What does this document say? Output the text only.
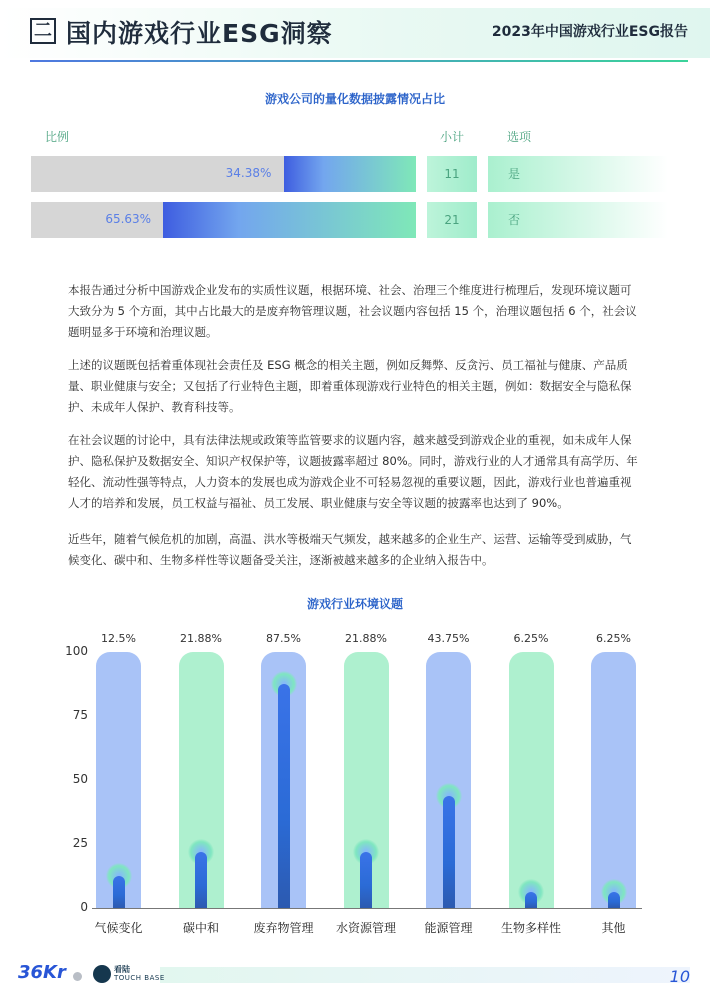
二 国内游戏行业ESG洞察	2023年中国游戏行业ESG报告
游戏公司的量化数据披露情况占比
比例	小计	选项
34.38%	11	是
65.63%	21	否

本报告通过分析中国游戏企业发布的实质性议题，根据环境、社会、治理三个维度进行梳理后，发现环境议题可大致分为 5 个方面，其中占比最大的是废弃物管理议题，社会议题内容包括 15 个，治理议题包括 6 个，社会议题明显多于环境和治理议题。

上述的议题既包括着重体现社会责任及 ESG 概念的相关主题，例如反舞弊、反贪污、员工福祉与健康、产品质量、职业健康与安全；又包括了行业特色主题，即着重体现游戏行业特色的相关主题，例如：数据安全与隐私保护、未成年人保护、教育科技等。

在社会议题的讨论中，具有法律法规或政策等监管要求的议题内容，越来越受到游戏企业的重视，如未成年人保护、隐私保护及数据安全、知识产权保护等，议题披露率超过 80%。同时，游戏行业的人才通常具有高学历、年轻化、流动性强等特点，人力资本的发展也成为游戏企业不可轻易忽视的重要议题，因此，游戏行业也普遍重视人才的培养和发展，员工权益与福祉、员工发展、职业健康与安全等议题的披露率也达到了 90%。

近些年，随着气候危机的加剧，高温、洪水等极端天气频发，越来越多的企业生产、运营、运输等受到威胁，气候变化、碳中和、生物多样性等议题备受关注，逐渐被越来越多的企业纳入报告中。

游戏行业环境议题
0
25
50
75
100
12.5%
气候变化
21.88%
碳中和
87.5%
废弃物管理
21.88%
水资源管理
43.75%
能源管理
6.25%
生物多样性
6.25%
其他
36Kr	看陆
TOUCH BASE	10
